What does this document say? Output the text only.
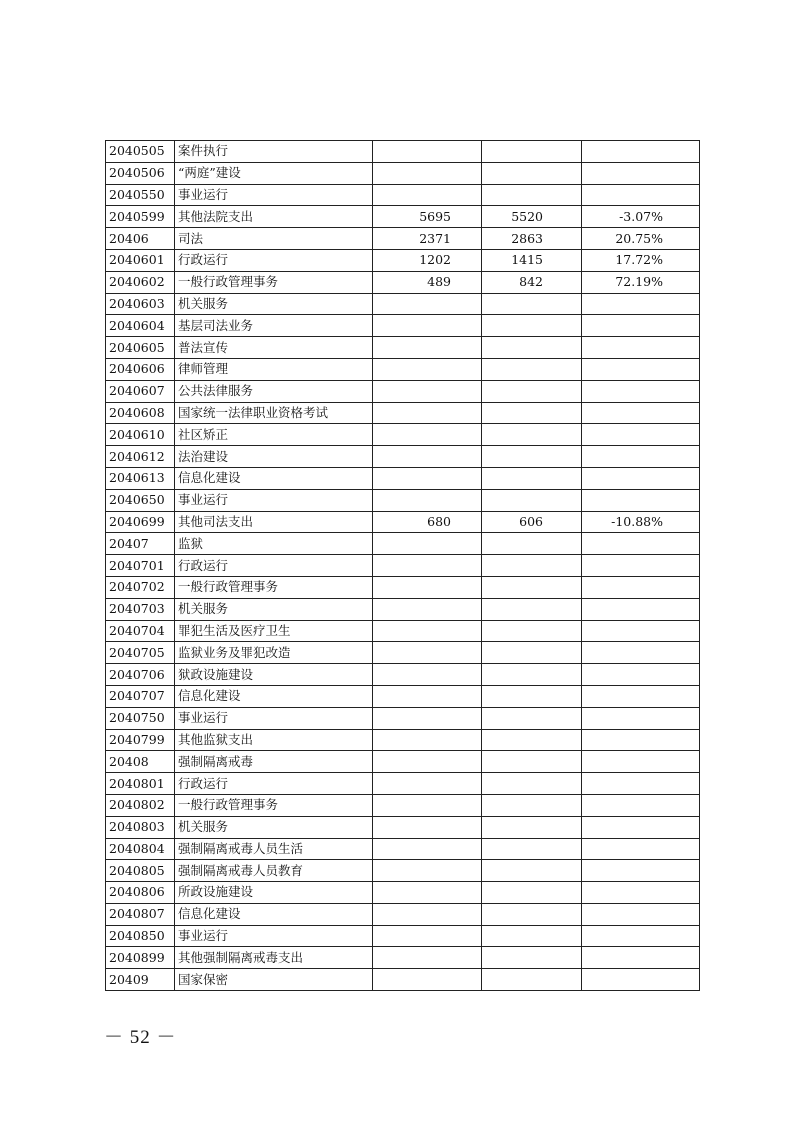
2040505	案件执行			
2040506	“两庭”建设			
2040550	事业运行			
2040599	其他法院支出	5695	5520	-3.07%
20406	司法	2371	2863	20.75%
2040601	行政运行	1202	1415	17.72%
2040602	一般行政管理事务	489	842	72.19%
2040603	机关服务			
2040604	基层司法业务			
2040605	普法宣传			
2040606	律师管理			
2040607	公共法律服务			
2040608	国家统一法律职业资格考试			
2040610	社区矫正			
2040612	法治建设			
2040613	信息化建设			
2040650	事业运行			
2040699	其他司法支出	680	606	-10.88%
20407	监狱			
2040701	行政运行			
2040702	一般行政管理事务			
2040703	机关服务			
2040704	罪犯生活及医疗卫生			
2040705	监狱业务及罪犯改造			
2040706	狱政设施建设			
2040707	信息化建设			
2040750	事业运行			
2040799	其他监狱支出			
20408	强制隔离戒毒			
2040801	行政运行			
2040802	一般行政管理事务			
2040803	机关服务			
2040804	强制隔离戒毒人员生活			
2040805	强制隔离戒毒人员教育			
2040806	所政设施建设			
2040807	信息化建设			
2040850	事业运行			
2040899	其他强制隔离戒毒支出			
20409	国家保密			
－ 52 －
